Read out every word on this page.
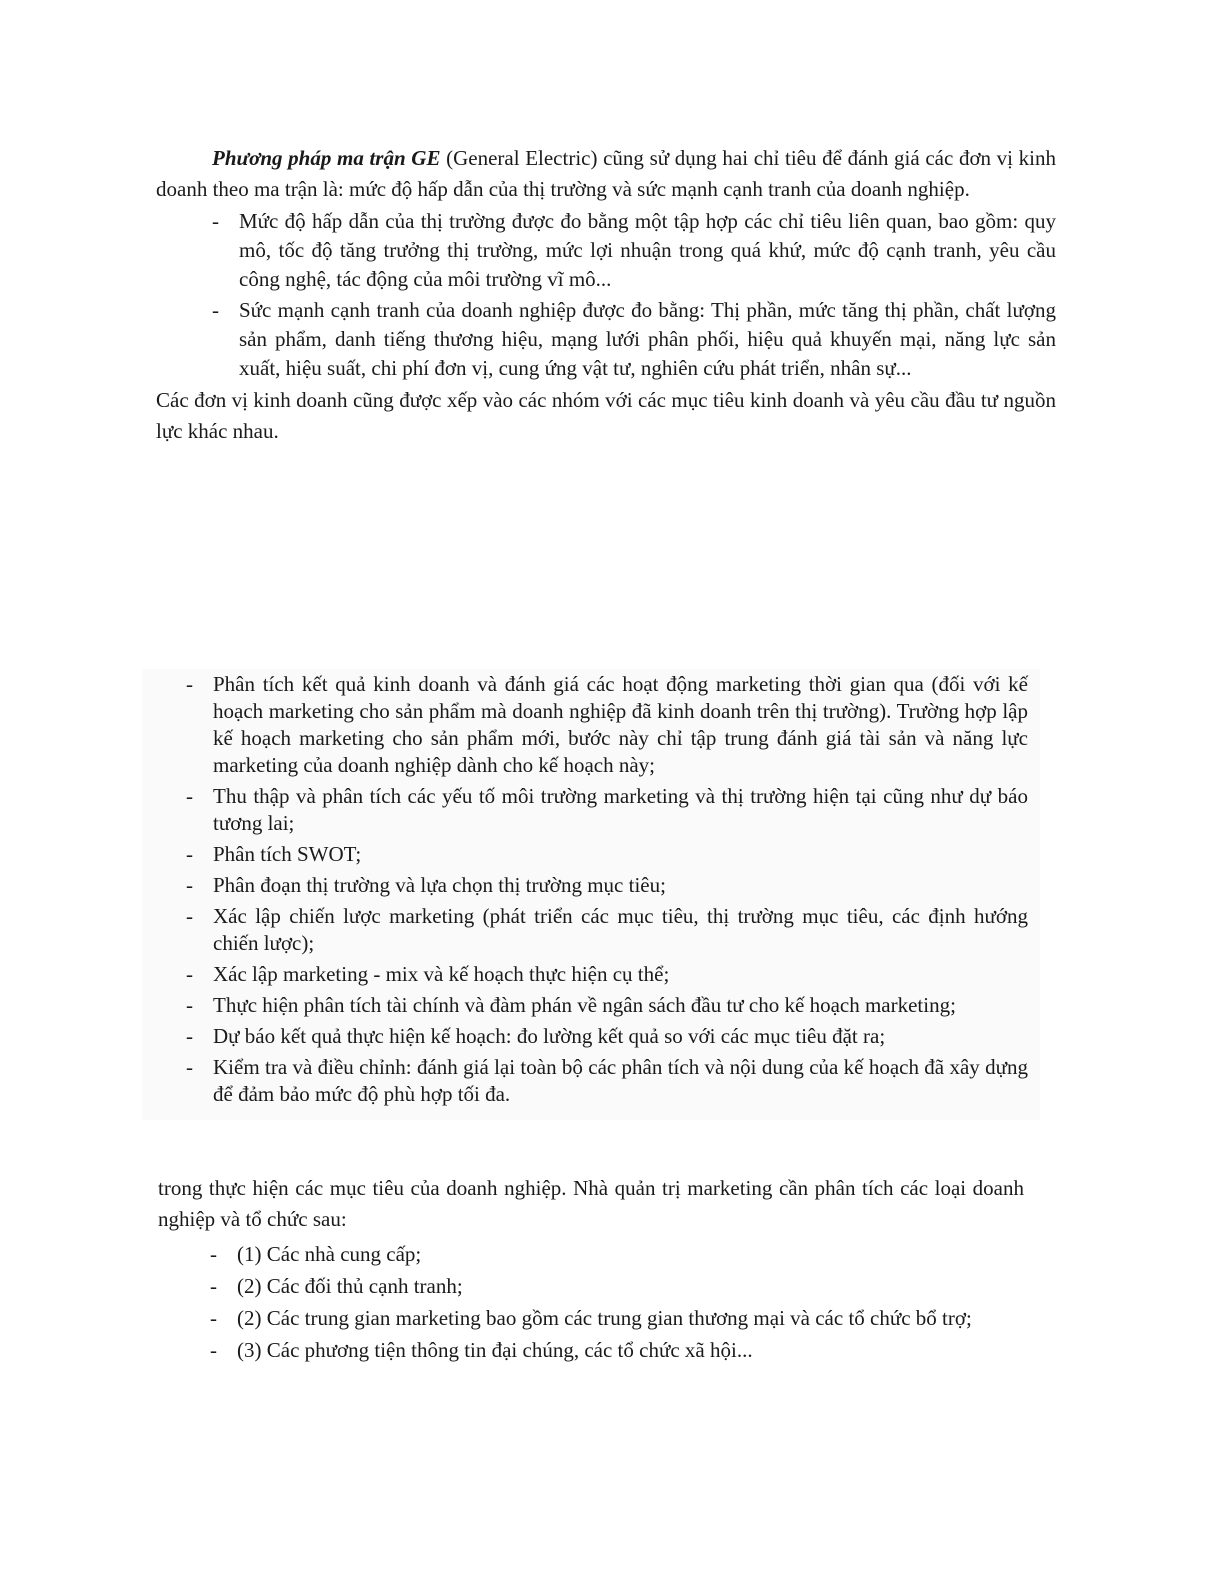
Phương pháp ma trận GE (General Electric) cũng sử dụng hai chỉ tiêu để đánh giá các đơn vị kinh doanh theo ma trận là: mức độ hấp dẫn của thị trường và sức mạnh cạnh tranh của doanh nghiệp.

- Mức độ hấp dẫn của thị trường được đo bằng một tập hợp các chỉ tiêu liên quan, bao gồm: quy mô, tốc độ tăng trưởng thị trường, mức lợi nhuận trong quá khứ, mức độ cạnh tranh, yêu cầu công nghệ, tác động của môi trường vĩ mô...
- Sức mạnh cạnh tranh của doanh nghiệp được đo bằng: Thị phần, mức tăng thị phần, chất lượng sản phẩm, danh tiếng thương hiệu, mạng lưới phân phối, hiệu quả khuyến mại, năng lực sản xuất, hiệu suất, chi phí đơn vị, cung ứng vật tư, nghiên cứu phát triển, nhân sự...

Các đơn vị kinh doanh cũng được xếp vào các nhóm với các mục tiêu kinh doanh và yêu cầu đầu tư nguồn lực khác nhau.

- Phân tích kết quả kinh doanh và đánh giá các hoạt động marketing thời gian qua (đối với kế hoạch marketing cho sản phẩm mà doanh nghiệp đã kinh doanh trên thị trường). Trường hợp lập kế hoạch marketing cho sản phẩm mới, bước này chỉ tập trung đánh giá tài sản và năng lực marketing của doanh nghiệp dành cho kế hoạch này;
- Thu thập và phân tích các yếu tố môi trường marketing và thị trường hiện tại cũng như dự báo tương lai;
- Phân tích SWOT;
- Phân đoạn thị trường và lựa chọn thị trường mục tiêu;
- Xác lập chiến lược marketing (phát triển các mục tiêu, thị trường mục tiêu, các định hướng chiến lược);
- Xác lập marketing - mix và kế hoạch thực hiện cụ thể;
- Thực hiện phân tích tài chính và đàm phán về ngân sách đầu tư cho kế hoạch marketing;
- Dự báo kết quả thực hiện kế hoạch: đo lường kết quả so với các mục tiêu đặt ra;
- Kiểm tra và điều chỉnh: đánh giá lại toàn bộ các phân tích và nội dung của kế hoạch đã xây dựng để đảm bảo mức độ phù hợp tối đa.

trong thực hiện các mục tiêu của doanh nghiệp. Nhà quản trị marketing cần phân tích các loại doanh nghiệp và tổ chức sau:

- (1) Các nhà cung cấp;
- (2) Các đối thủ cạnh tranh;
- (2) Các trung gian marketing bao gồm các trung gian thương mại và các tổ chức bổ trợ;
- (3) Các phương tiện thông tin đại chúng, các tổ chức xã hội...
